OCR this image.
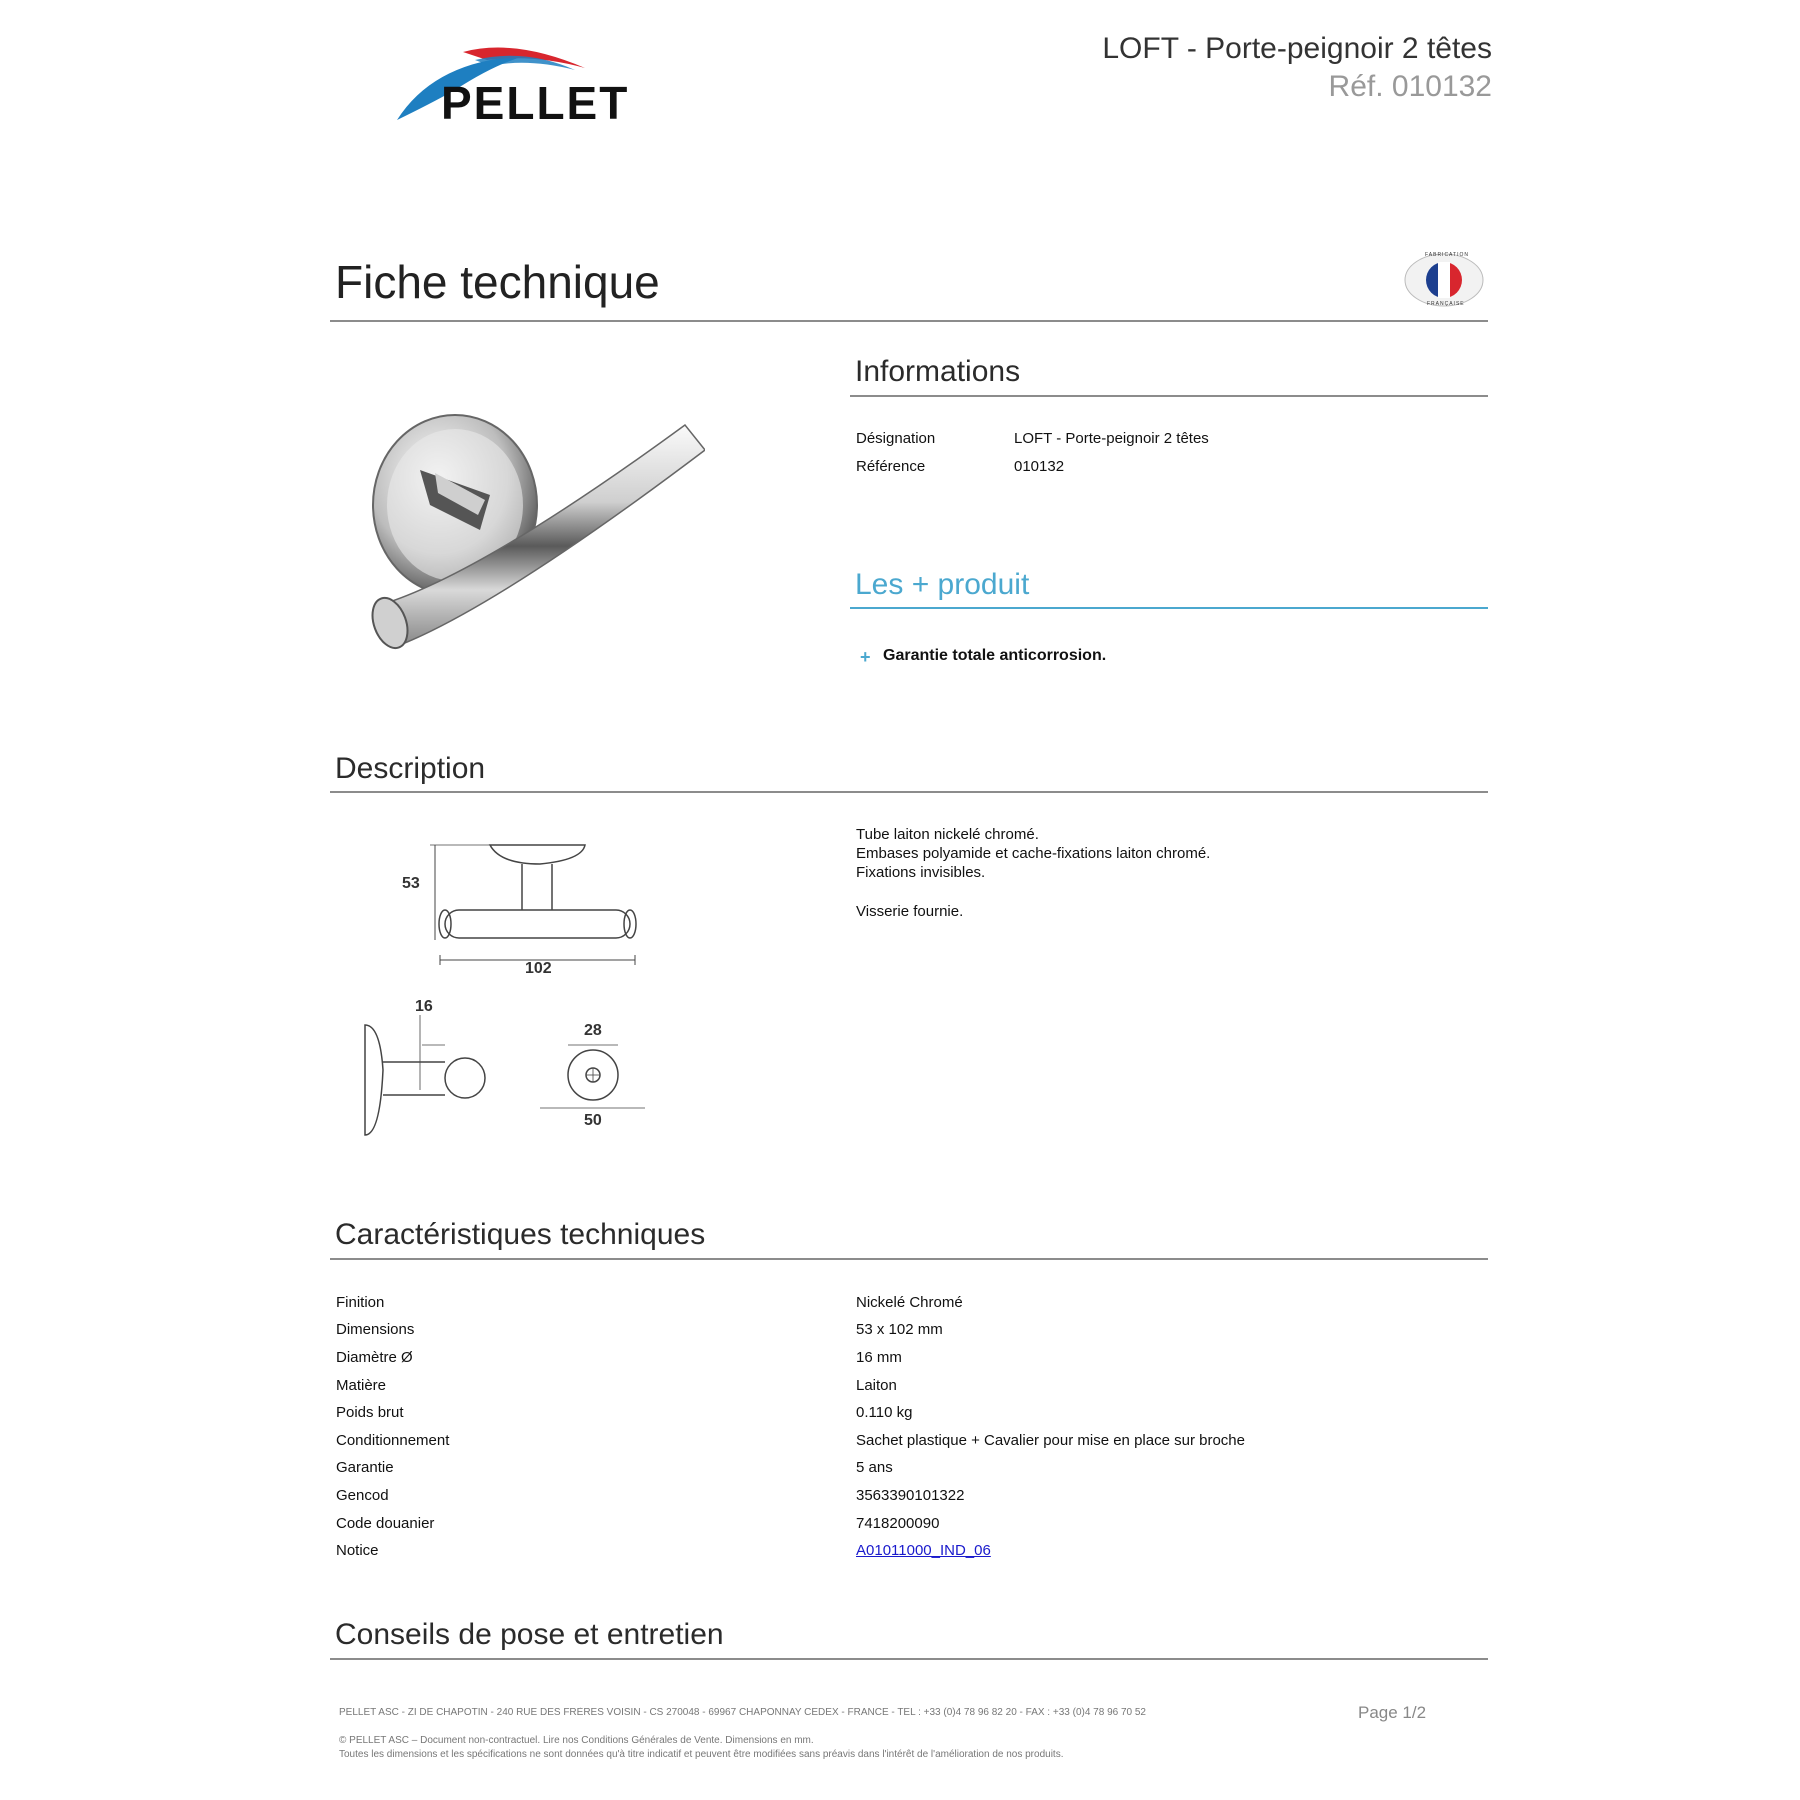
PELLET
LOFT - Porte-peignoir 2 têtes
Réf. 010132
Fiche technique
FABRICATION
FRANÇAISE
Informations
Désignation	LOFT - Porte-peignoir 2 têtes
Référence	010132
Les + produit
+ Garantie totale anticorrosion.
Description
53
102
16
28
50
Tube laiton nickelé chromé.
Embases polyamide et cache-fixations laiton chromé.
Fixations invisibles.
Visserie fournie.
Caractéristiques techniques
Finition	Nickelé Chromé
Dimensions	53 x 102 mm
Diamètre Ø	16 mm
Matière	Laiton
Poids brut	0.110 kg
Conditionnement	Sachet plastique + Cavalier pour mise en place sur broche
Garantie	5 ans
Gencod	3563390101322
Code douanier	7418200090
Notice	A01011000_IND_06
Conseils de pose et entretien
PELLET ASC - ZI DE CHAPOTIN - 240 RUE DES FRÈRES VOISIN - CS 270048 - 69967 CHAPONNAY CEDEX - FRANCE - TEL : +33 (0)4 78 96 82 20 - FAX : +33 (0)4 78 96 70 52	Page 1/2
© PELLET ASC – Document non-contractuel. Lire nos Conditions Générales de Vente. Dimensions en mm.
Toutes les dimensions et les spécifications ne sont données qu'à titre indicatif et peuvent être modifiées sans préavis dans l'intérêt de l'amélioration de nos produits.
